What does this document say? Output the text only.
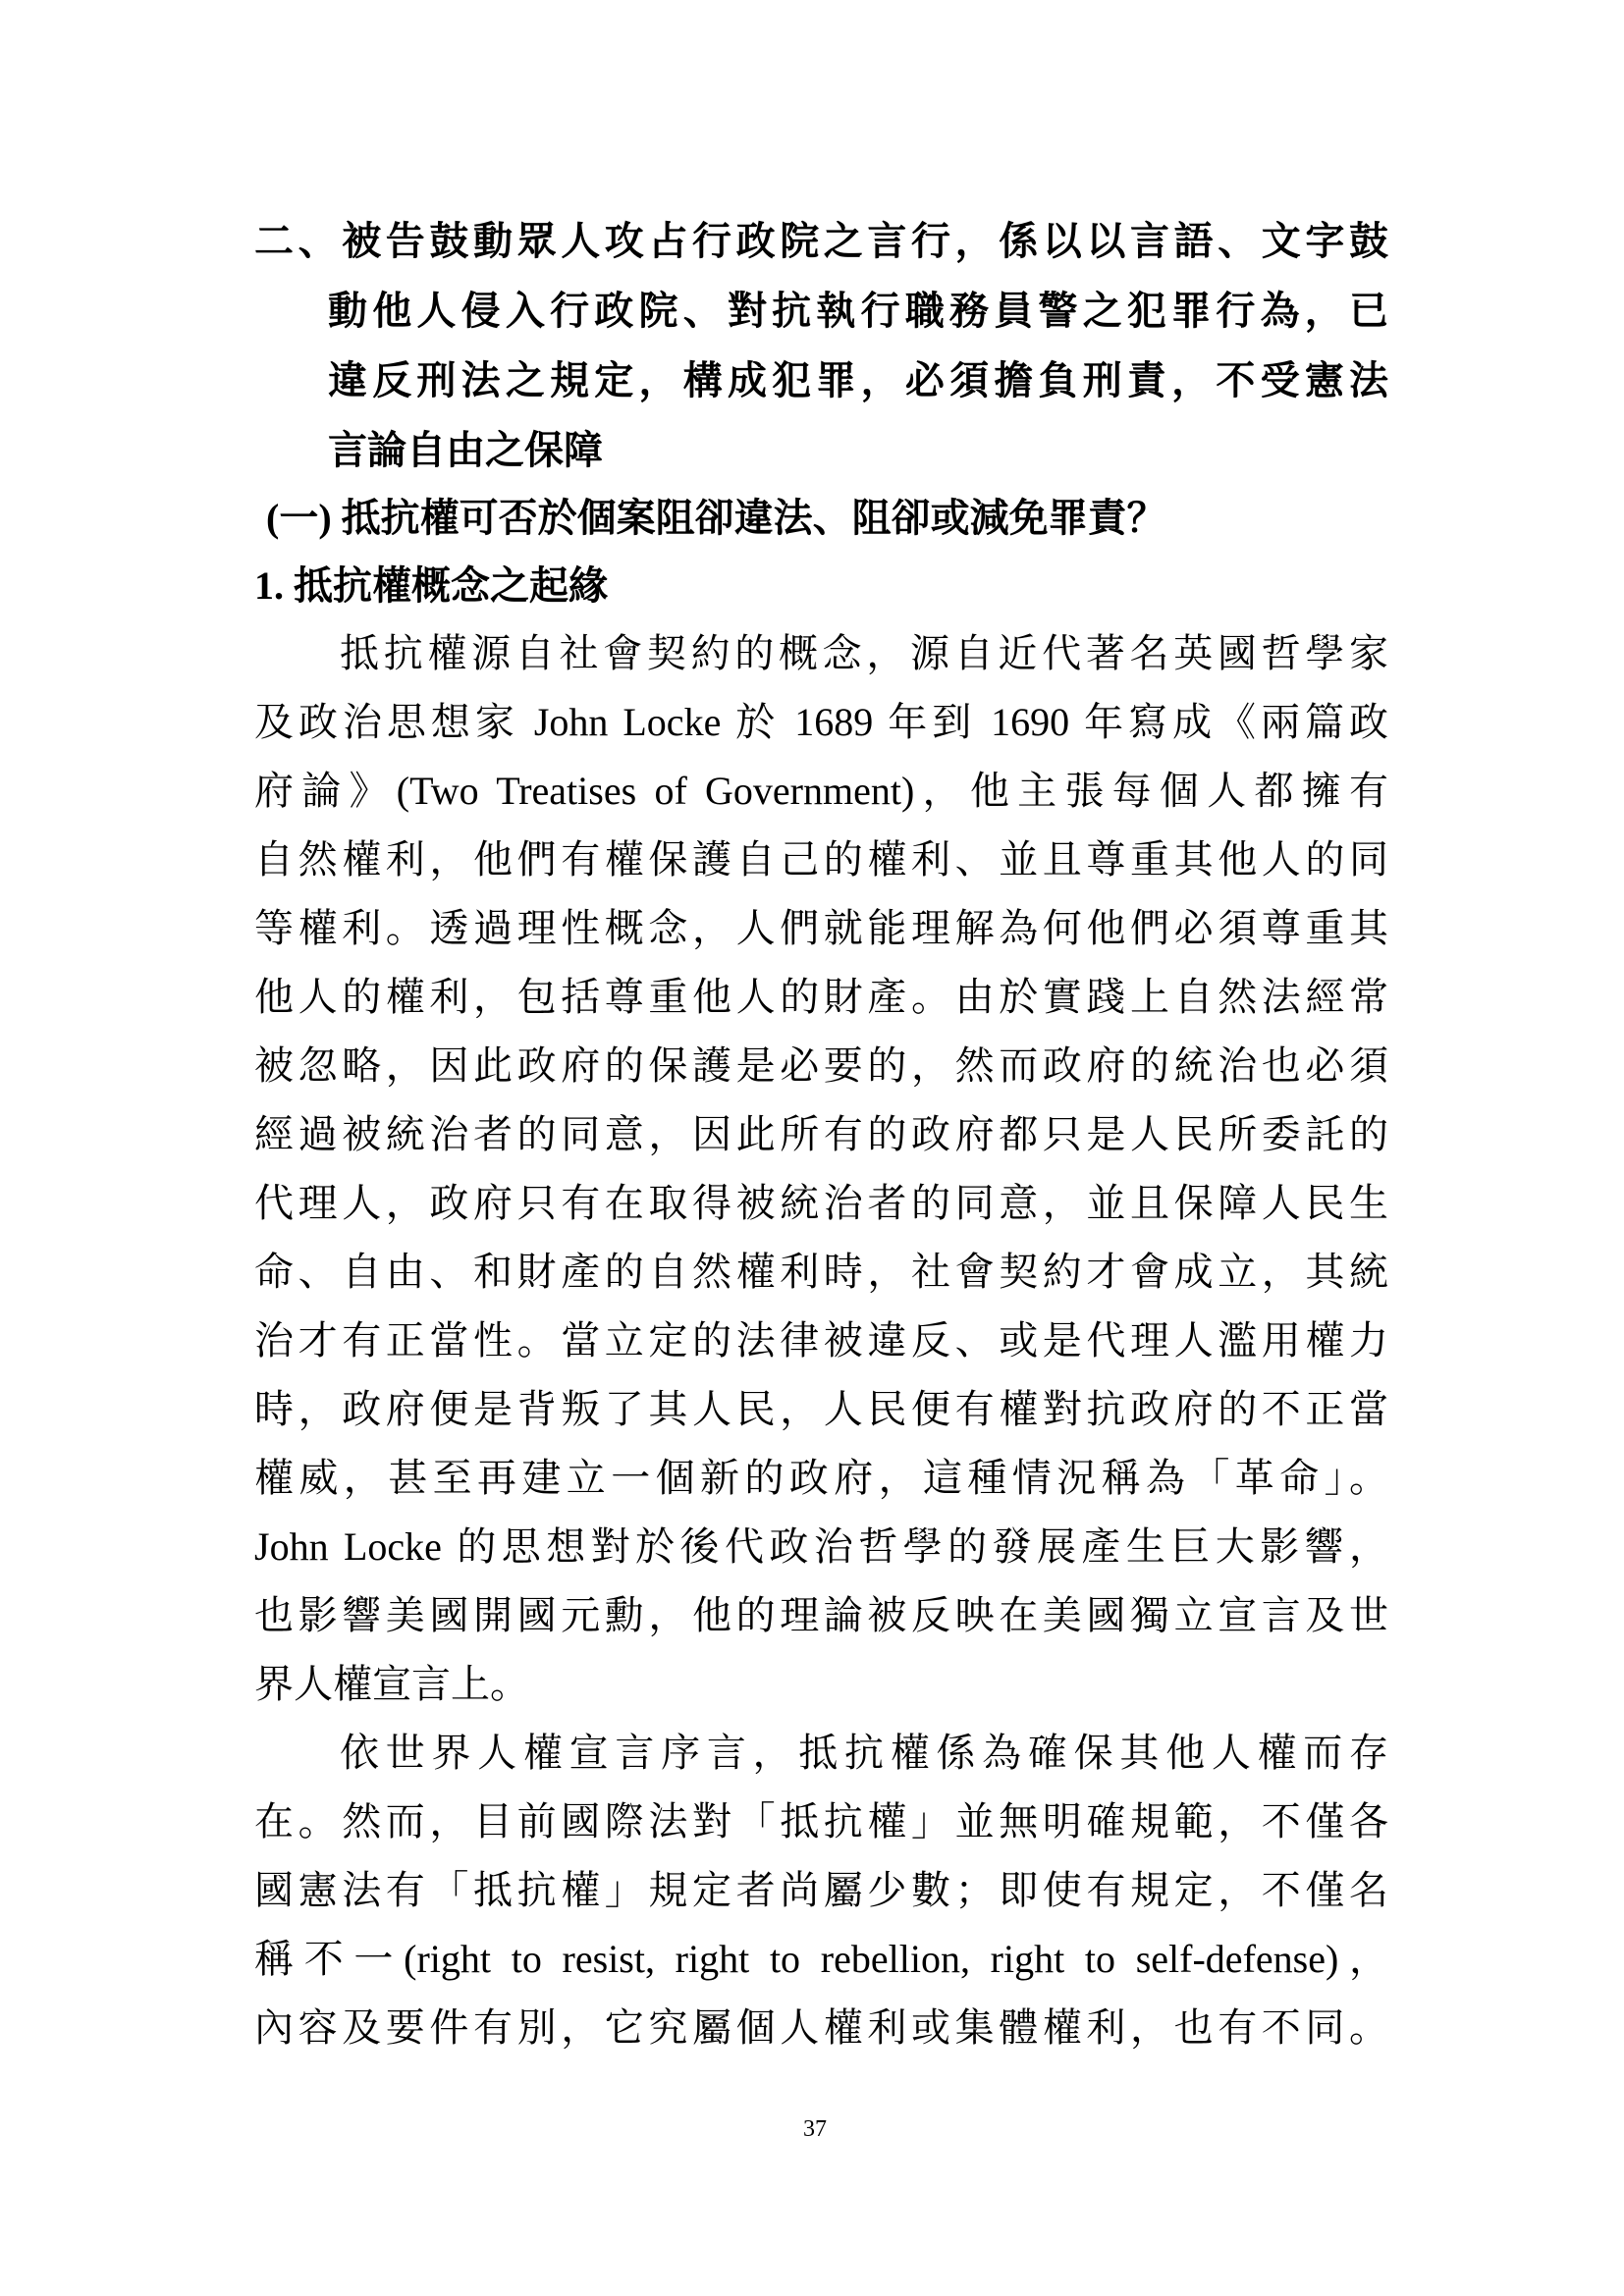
二、被告鼓動眾人攻占行政院之言行，係以以言語、文字鼓
動他人侵入行政院、對抗執行職務員警之犯罪行為，已
違反刑法之規定，構成犯罪，必須擔負刑責，不受憲法
言論自由之保障
(一) 抵抗權可否於個案阻卻違法、阻卻或減免罪責？
1. 抵抗權概念之起緣
抵抗權源自社會契約的概念，源自近代著名英國哲學家
及政治思想家 John Locke 於 1689 年到 1690 年寫成《兩篇政
府論》(Two Treatises of Government)，他主張每個人都擁有
自然權利，他們有權保護自己的權利、並且尊重其他人的同
等權利。透過理性概念，人們就能理解為何他們必須尊重其
他人的權利，包括尊重他人的財產。由於實踐上自然法經常
被忽略，因此政府的保護是必要的，然而政府的統治也必須
經過被統治者的同意，因此所有的政府都只是人民所委託的
代理人，政府只有在取得被統治者的同意，並且保障人民生
命、自由、和財產的自然權利時，社會契約才會成立，其統
治才有正當性。當立定的法律被違反、或是代理人濫用權力
時，政府便是背叛了其人民，人民便有權對抗政府的不正當
權威，甚至再建立一個新的政府，這種情況稱為「革命」。
John Locke 的思想對於後代政治哲學的發展產生巨大影響，
也影響美國開國元勳，他的理論被反映在美國獨立宣言及世
界人權宣言上。
依世界人權宣言序言，抵抗權係為確保其他人權而存
在。然而，目前國際法對「抵抗權」並無明確規範，不僅各
國憲法有「抵抗權」規定者尚屬少數；即使有規定，不僅名
稱不一(right to resist, right to rebellion, right to self-defense)，
內容及要件有別，它究屬個人權利或集體權利，也有不同。
37
